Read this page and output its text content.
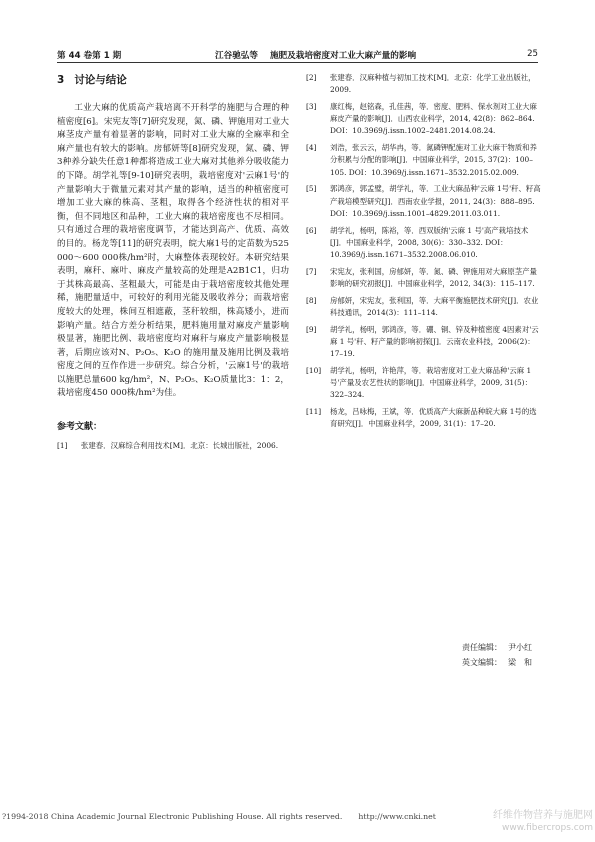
第 44 卷第 1 期	江谷驰弘等 施肥及栽培密度对工业大麻产量的影响	25
3 讨论与结论

工业大麻的优质高产栽培离不开科学的施肥与合理的种植密度[6]。宋宪友等[7]研究发现，氮、磷、钾施用对工业大麻茎皮产量有着显著的影响，同时对工业大麻的全麻率和全麻产量也有较大的影响。房郁妍等[8]研究发现，氮、磷、钾3种养分缺失任意1种都将造成工业大麻对其他养分吸收能力的下降。胡学礼等[9-10]研究表明，栽培密度对'云麻1号'的产量影响大于微量元素对其产量的影响，适当的种植密度可增加工业大麻的株高、茎粗，取得各个经济性状的相对平衡，但不同地区和品种，工业大麻的栽培密度也不尽相同。只有通过合理的栽培密度调节，才能达到高产、优质、高效的目的。杨龙等[11]的研究表明，皖大麻1号的定苗数为525 000～600 000株/hm²时，大麻整体表现较好。本研究结果表明，麻秆、麻叶、麻皮产量较高的处理是A2B1C1，归功于其株高最高、茎粗最大，可能是由于栽培密度较其他处理稀，施肥量适中，可较好的利用光能及吸收养分；而栽培密度较大的处理，株间互相遮蔽，茎秆较细，株高矮小，进而影响产量。结合方差分析结果，肥料施用量对麻皮产量影响极显著，施肥比例、栽培密度均对麻秆与麻皮产量影响极显著，后期应该对N、P₂O₅、K₂O 的施用量及施用比例及栽培密度之间的互作作进一步研究。综合分析，'云麻1号'的栽培以施肥总量600 kg/hm²，N、P₂O₅、K₂O质量比3：1：2，栽培密度450 000株/hm²为佳。

参考文献：
[1] 张建春．汉麻综合利用技术[M]．北京：长城出版社，2006.
[2] 张建春．汉麻种植与初加工技术[M]．北京：化学工业出版社，2009.
[3] 康红梅，赵铭森，孔佳茜，等．密度、肥料、保水剂对工业大麻麻皮产量的影响[J]．山西农业科学，2014, 42(8)：862–864. DOI：10.3969/j.issn.1002–2481.2014.08.24.
[4] 刘浩，张云云，胡华冉，等．氮磷钾配施对工业大麻干物质和养分积累与分配的影响[J]．中国麻业科学，2015, 37(2)：100–105. DOI：10.3969/j.issn.1671–3532.2015.02.009.
[5] 郭鸿彦，郭孟璧，胡学礼，等．工业大麻品种'云麻 1号'秆、籽高产栽培模型研究[J]．西南农业学报，2011, 24(3)：888–895. DOI：10.3969/j.issn.1001–4829.2011.03.011.
[6] 胡学礼，杨明，陈裕，等．西双版纳'云麻 1 号'高产栽培技术[J]．中国麻业科学，2008, 30(6)：330–332. DOI：10.3969/j.issn.1671–3532.2008.06.010.
[7] 宋宪友，张利国，房郁妍，等．氮、磷、钾施用对大麻原茎产量影响的研究初报[J]．中国麻业科学，2012, 34(3)：115–117.
[8] 房郁妍，宋宪友，张利国，等．大麻平衡施肥技术研究[J]．农业科技通讯，2014(3)：111–114.
[9] 胡学礼，杨明，郭鸿彦，等．硼、铜、锌及种植密度 4因素对'云麻 1 号'秆、籽产量的影响初探[J]．云南农业科技，2006(2)：17–19.
[10] 胡学礼，杨明，许艳萍，等．栽培密度对工业大麻品种'云麻 1 号'产量及农艺性状的影响[J]．中国麻业科学，2009, 31(5)：322–324.
[11] 杨龙，吕咏梅，王斌，等．优质高产大麻新品种皖大麻 1号的选育研究[J]．中国麻业科学，2009, 31(1)：17–20.
责任编辑： 尹小红
英文编辑： 梁　和
?1994-2018 China Academic Journal Electronic Publishing House. All rights reserved. http://www.cnki.net	纤维作物营养与施肥网
www.fibercrops.com
